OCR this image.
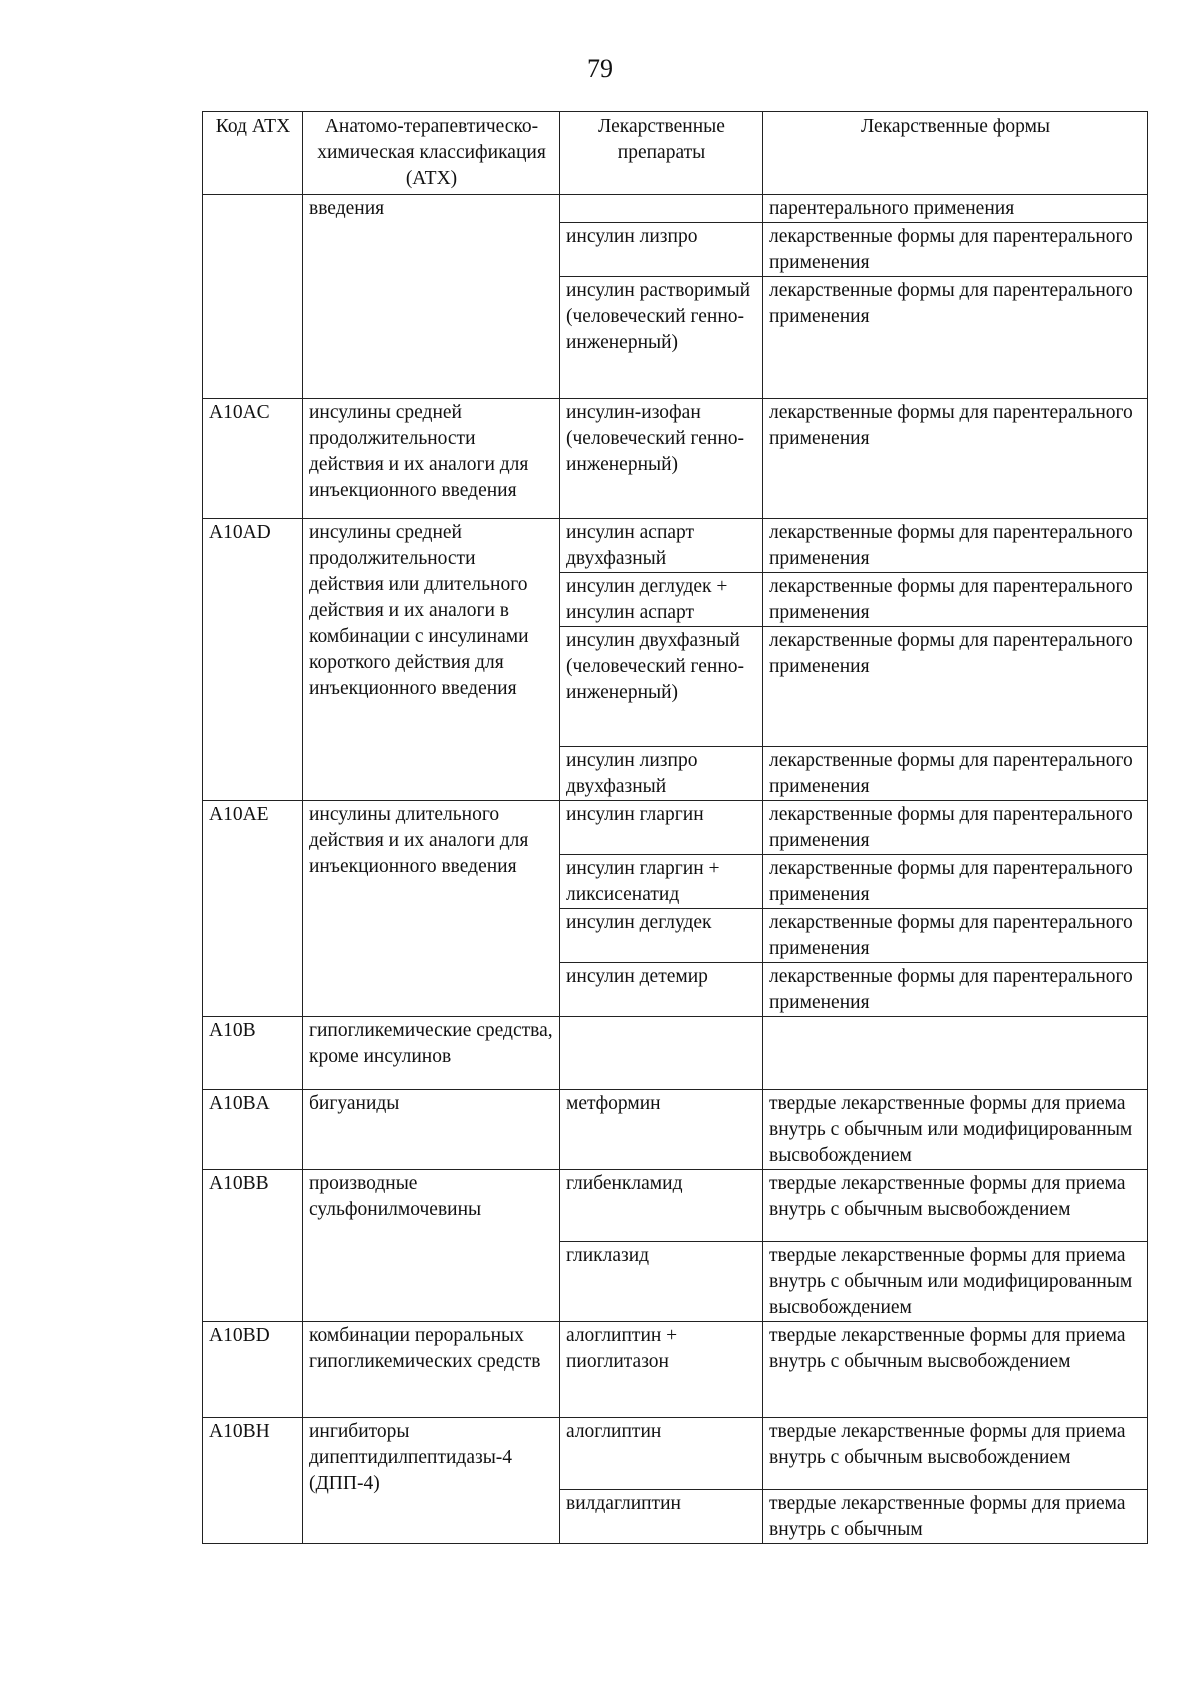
79
Код АТХ	Анатомо-терапевтическо-химическая классификация (АТХ)	Лекарственные препараты	Лекарственные формы
	введения		парентерального применения
		инсулин лизпро	лекарственные формы для парентерального применения
		инсулин растворимый (человеческий генно-инженерный)	лекарственные формы для парентерального применения
A10AC	инсулины средней продолжительности действия и их аналоги для инъекционного введения	инсулин-изофан (человеческий генно-инженерный)	лекарственные формы для парентерального применения
A10AD	инсулины средней продолжительности действия или длительного действия и их аналоги в комбинации с инсулинами короткого действия для инъекционного введения	инсулин аспарт двухфазный	лекарственные формы для парентерального применения
		инсулин деглудек + инсулин аспарт	лекарственные формы для парентерального применения
		инсулин двухфазный (человеческий генно-инженерный)	лекарственные формы для парентерального применения
		инсулин лизпро двухфазный	лекарственные формы для парентерального применения
A10AE	инсулины длительного действия и их аналоги для инъекционного введения	инсулин гларгин	лекарственные формы для парентерального применения
		инсулин гларгин + ликсисенатид	лекарственные формы для парентерального применения
		инсулин деглудек	лекарственные формы для парентерального применения
		инсулин детемир	лекарственные формы для парентерального применения
A10B	гипогликемические средства, кроме инсулинов		
A10BA	бигуаниды	метформин	твердые лекарственные формы для приема внутрь с обычным или модифицированным высвобождением
A10BB	производные сульфонилмочевины	глибенкламид	твердые лекарственные формы для приема внутрь с обычным высвобождением
		гликлазид	твердые лекарственные формы для приема внутрь с обычным или модифицированным высвобождением
A10BD	комбинации пероральных гипогликемических средств	алоглиптин + пиоглитазон	твердые лекарственные формы для приема внутрь с обычным высвобождением
A10BH	ингибиторы дипептидилпептидазы-4 (ДПП-4)	алоглиптин	твердые лекарственные формы для приема внутрь с обычным высвобождением
		вилдаглиптин	твердые лекарственные формы для приема внутрь с обычным
